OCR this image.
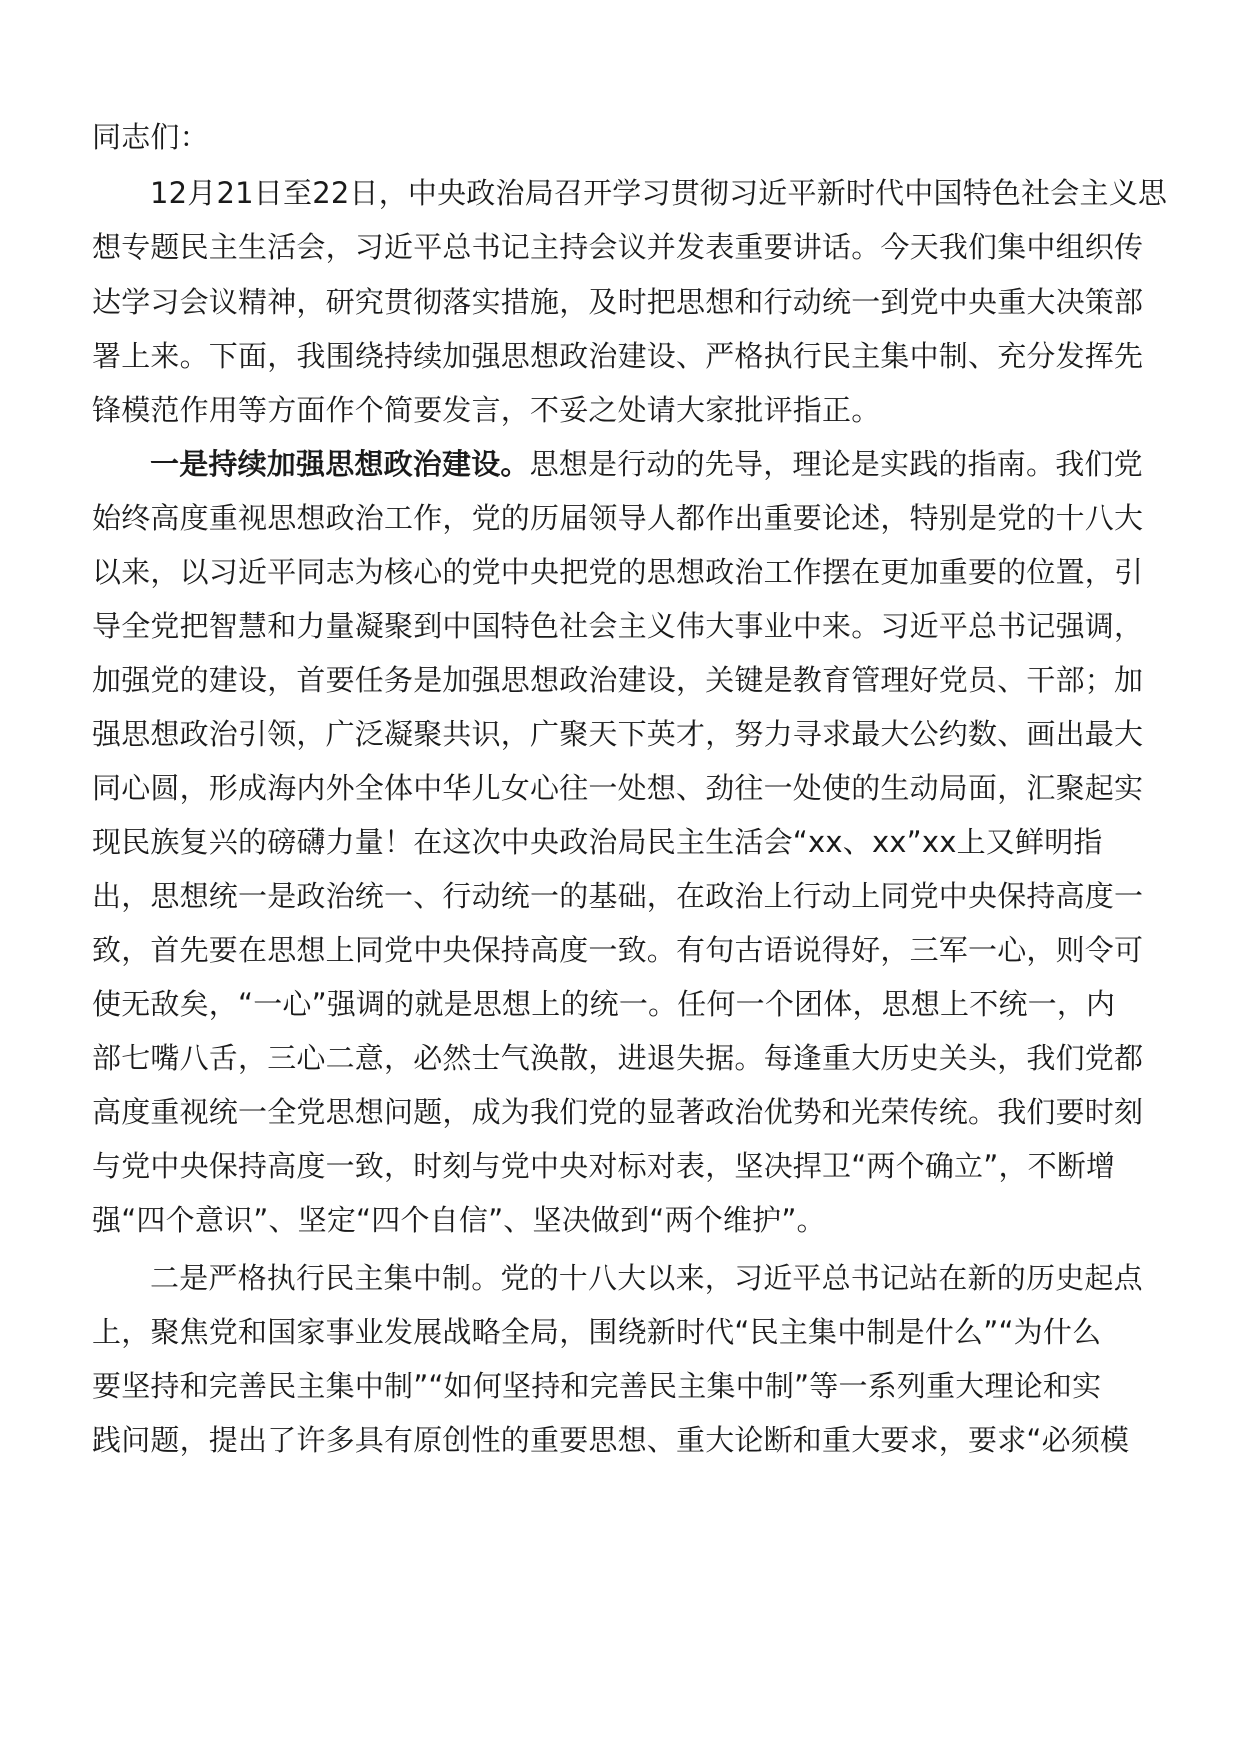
同志们：

12月21日至22日，中央政治局召开学习贯彻习近平新时代中国特色社会主义思

想专题民主生活会，习近平总书记主持会议并发表重要讲话。今天我们集中组织传

达学习会议精神，研究贯彻落实措施，及时把思想和行动统一到党中央重大决策部

署上来。下面，我围绕持续加强思想政治建设、严格执行民主集中制、充分发挥先

锋模范作用等方面作个简要发言，不妥之处请大家批评指正。

一是持续加强思想政治建设。思想是行动的先导，理论是实践的指南。我们党

始终高度重视思想政治工作，党的历届领导人都作出重要论述，特别是党的十八大

以来，以习近平同志为核心的党中央把党的思想政治工作摆在更加重要的位置，引

导全党把智慧和力量凝聚到中国特色社会主义伟大事业中来。习近平总书记强调，

加强党的建设，首要任务是加强思想政治建设，关键是教育管理好党员、干部；加

强思想政治引领，广泛凝聚共识，广聚天下英才，努力寻求最大公约数、画出最大

同心圆，形成海内外全体中华儿女心往一处想、劲往一处使的生动局面，汇聚起实

现民族复兴的磅礴力量！在这次中央政治局民主生活会“xx、xx”xx上又鲜明指

出，思想统一是政治统一、行动统一的基础，在政治上行动上同党中央保持高度一

致，首先要在思想上同党中央保持高度一致。有句古语说得好，三军一心，则令可

使无敌矣，“一心”强调的就是思想上的统一。任何一个团体，思想上不统一，内

部七嘴八舌，三心二意，必然士气涣散，进退失据。每逢重大历史关头，我们党都

高度重视统一全党思想问题，成为我们党的显著政治优势和光荣传统。我们要时刻

与党中央保持高度一致，时刻与党中央对标对表，坚决捍卫“两个确立”，不断增

强“四个意识”、坚定“四个自信”、坚决做到“两个维护”。

二是严格执行民主集中制。党的十八大以来，习近平总书记站在新的历史起点

上，聚焦党和国家事业发展战略全局，围绕新时代“民主集中制是什么”“为什么

要坚持和完善民主集中制”“如何坚持和完善民主集中制”等一系列重大理论和实

践问题，提出了许多具有原创性的重要思想、重大论断和重大要求，要求“必须模
